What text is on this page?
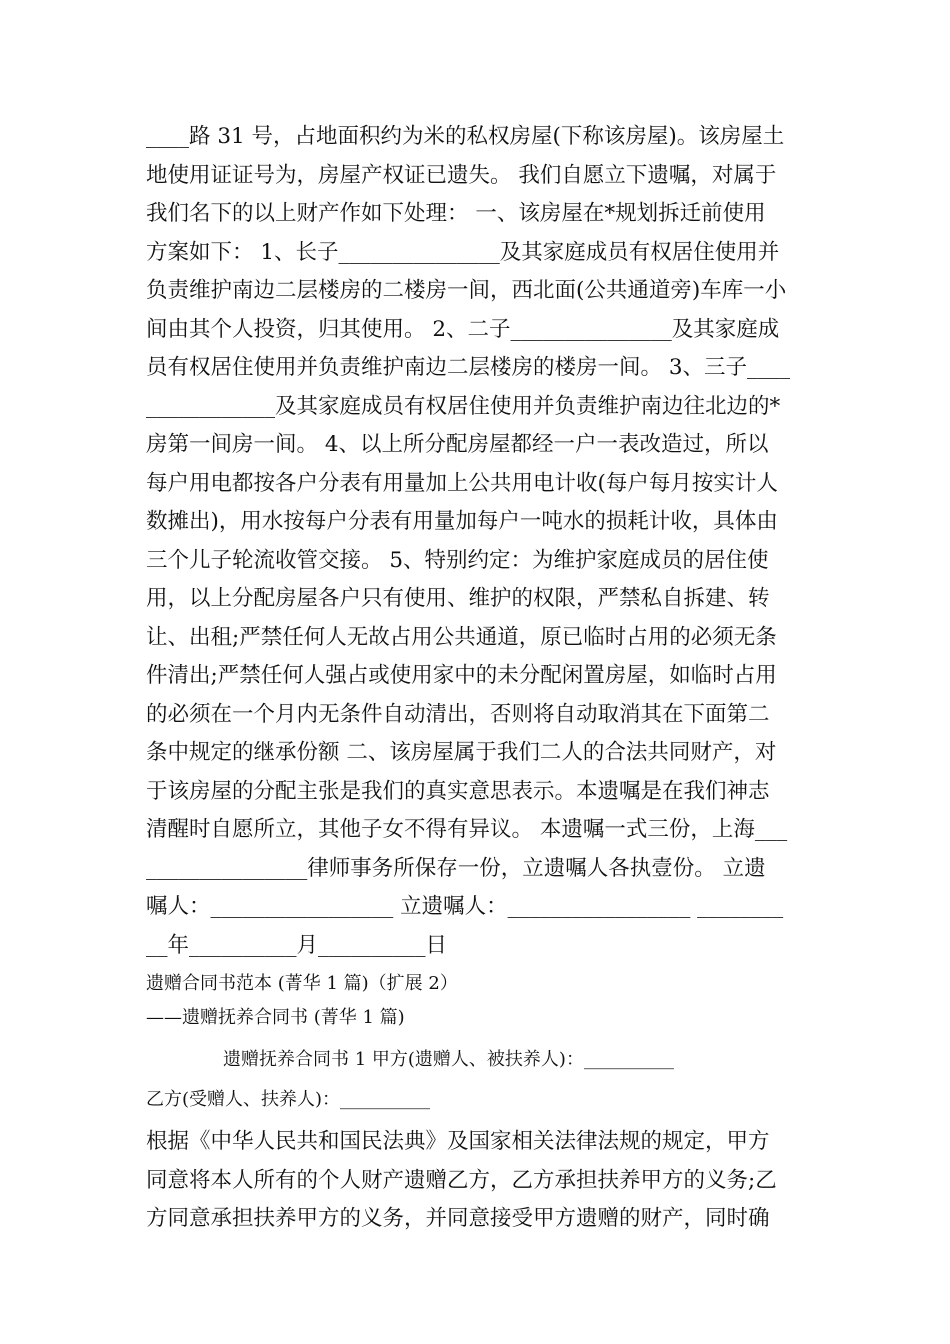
____路 31 号，占地面积约为米的私权房屋(下称该房屋)。该房屋土

地使用证证号为，房屋产权证已遗失。 我们自愿立下遗嘱，对属于

我们名下的以上财产作如下处理： 一、该房屋在*规划拆迁前使用

方案如下： 1、长子_______________及其家庭成员有权居住使用并

负责维护南边二层楼房的二楼房一间，西北面(公共通道旁)车库一小

间由其个人投资，归其使用。 2、二子_______________及其家庭成

员有权居住使用并负责维护南边二层楼房的楼房一间。 3、三子____

____________及其家庭成员有权居住使用并负责维护南边往北边的*

房第一间房一间。 4、以上所分配房屋都经一户一表改造过，所以

每户用电都按各户分表有用量加上公共用电计收(每户每月按实计人

数摊出)，用水按每户分表有用量加每户一吨水的损耗计收，具体由

三个儿子轮流收管交接。 5、特别约定：为维护家庭成员的居住使

用，以上分配房屋各户只有使用、维护的权限，严禁私自拆建、转

让、出租;严禁任何人无故占用公共通道，原已临时占用的必须无条

件清出;严禁任何人强占或使用家中的未分配闲置房屋，如临时占用

的必须在一个月内无条件自动清出，否则将自动取消其在下面第二

条中规定的继承份额 二、该房屋属于我们二人的合法共同财产，对

于该房屋的分配主张是我们的真实意思表示。本遗嘱是在我们神志

清醒时自愿所立，其他子女不得有异议。 本遗嘱一式三份，上海___

_______________律师事务所保存一份，立遗嘱人各执壹份。 立遗

嘱人：_________________ 立遗嘱人：_________________ ________

__年__________月__________日

遗赠合同书范本 (菁华 1 篇)（扩展 2）
——遗赠抚养合同书 (菁华 1 篇)
遗赠抚养合同书 1 甲方(遗赠人、被扶养人)：__________
乙方(受赠人、扶养人)：__________

根据《中华人民共和国民法典》及国家相关法律法规的规定，甲方

同意将本人所有的个人财产遗赠乙方，乙方承担扶养甲方的义务;乙

方同意承担扶养甲方的义务，并同意接受甲方遗赠的财产，同时确
